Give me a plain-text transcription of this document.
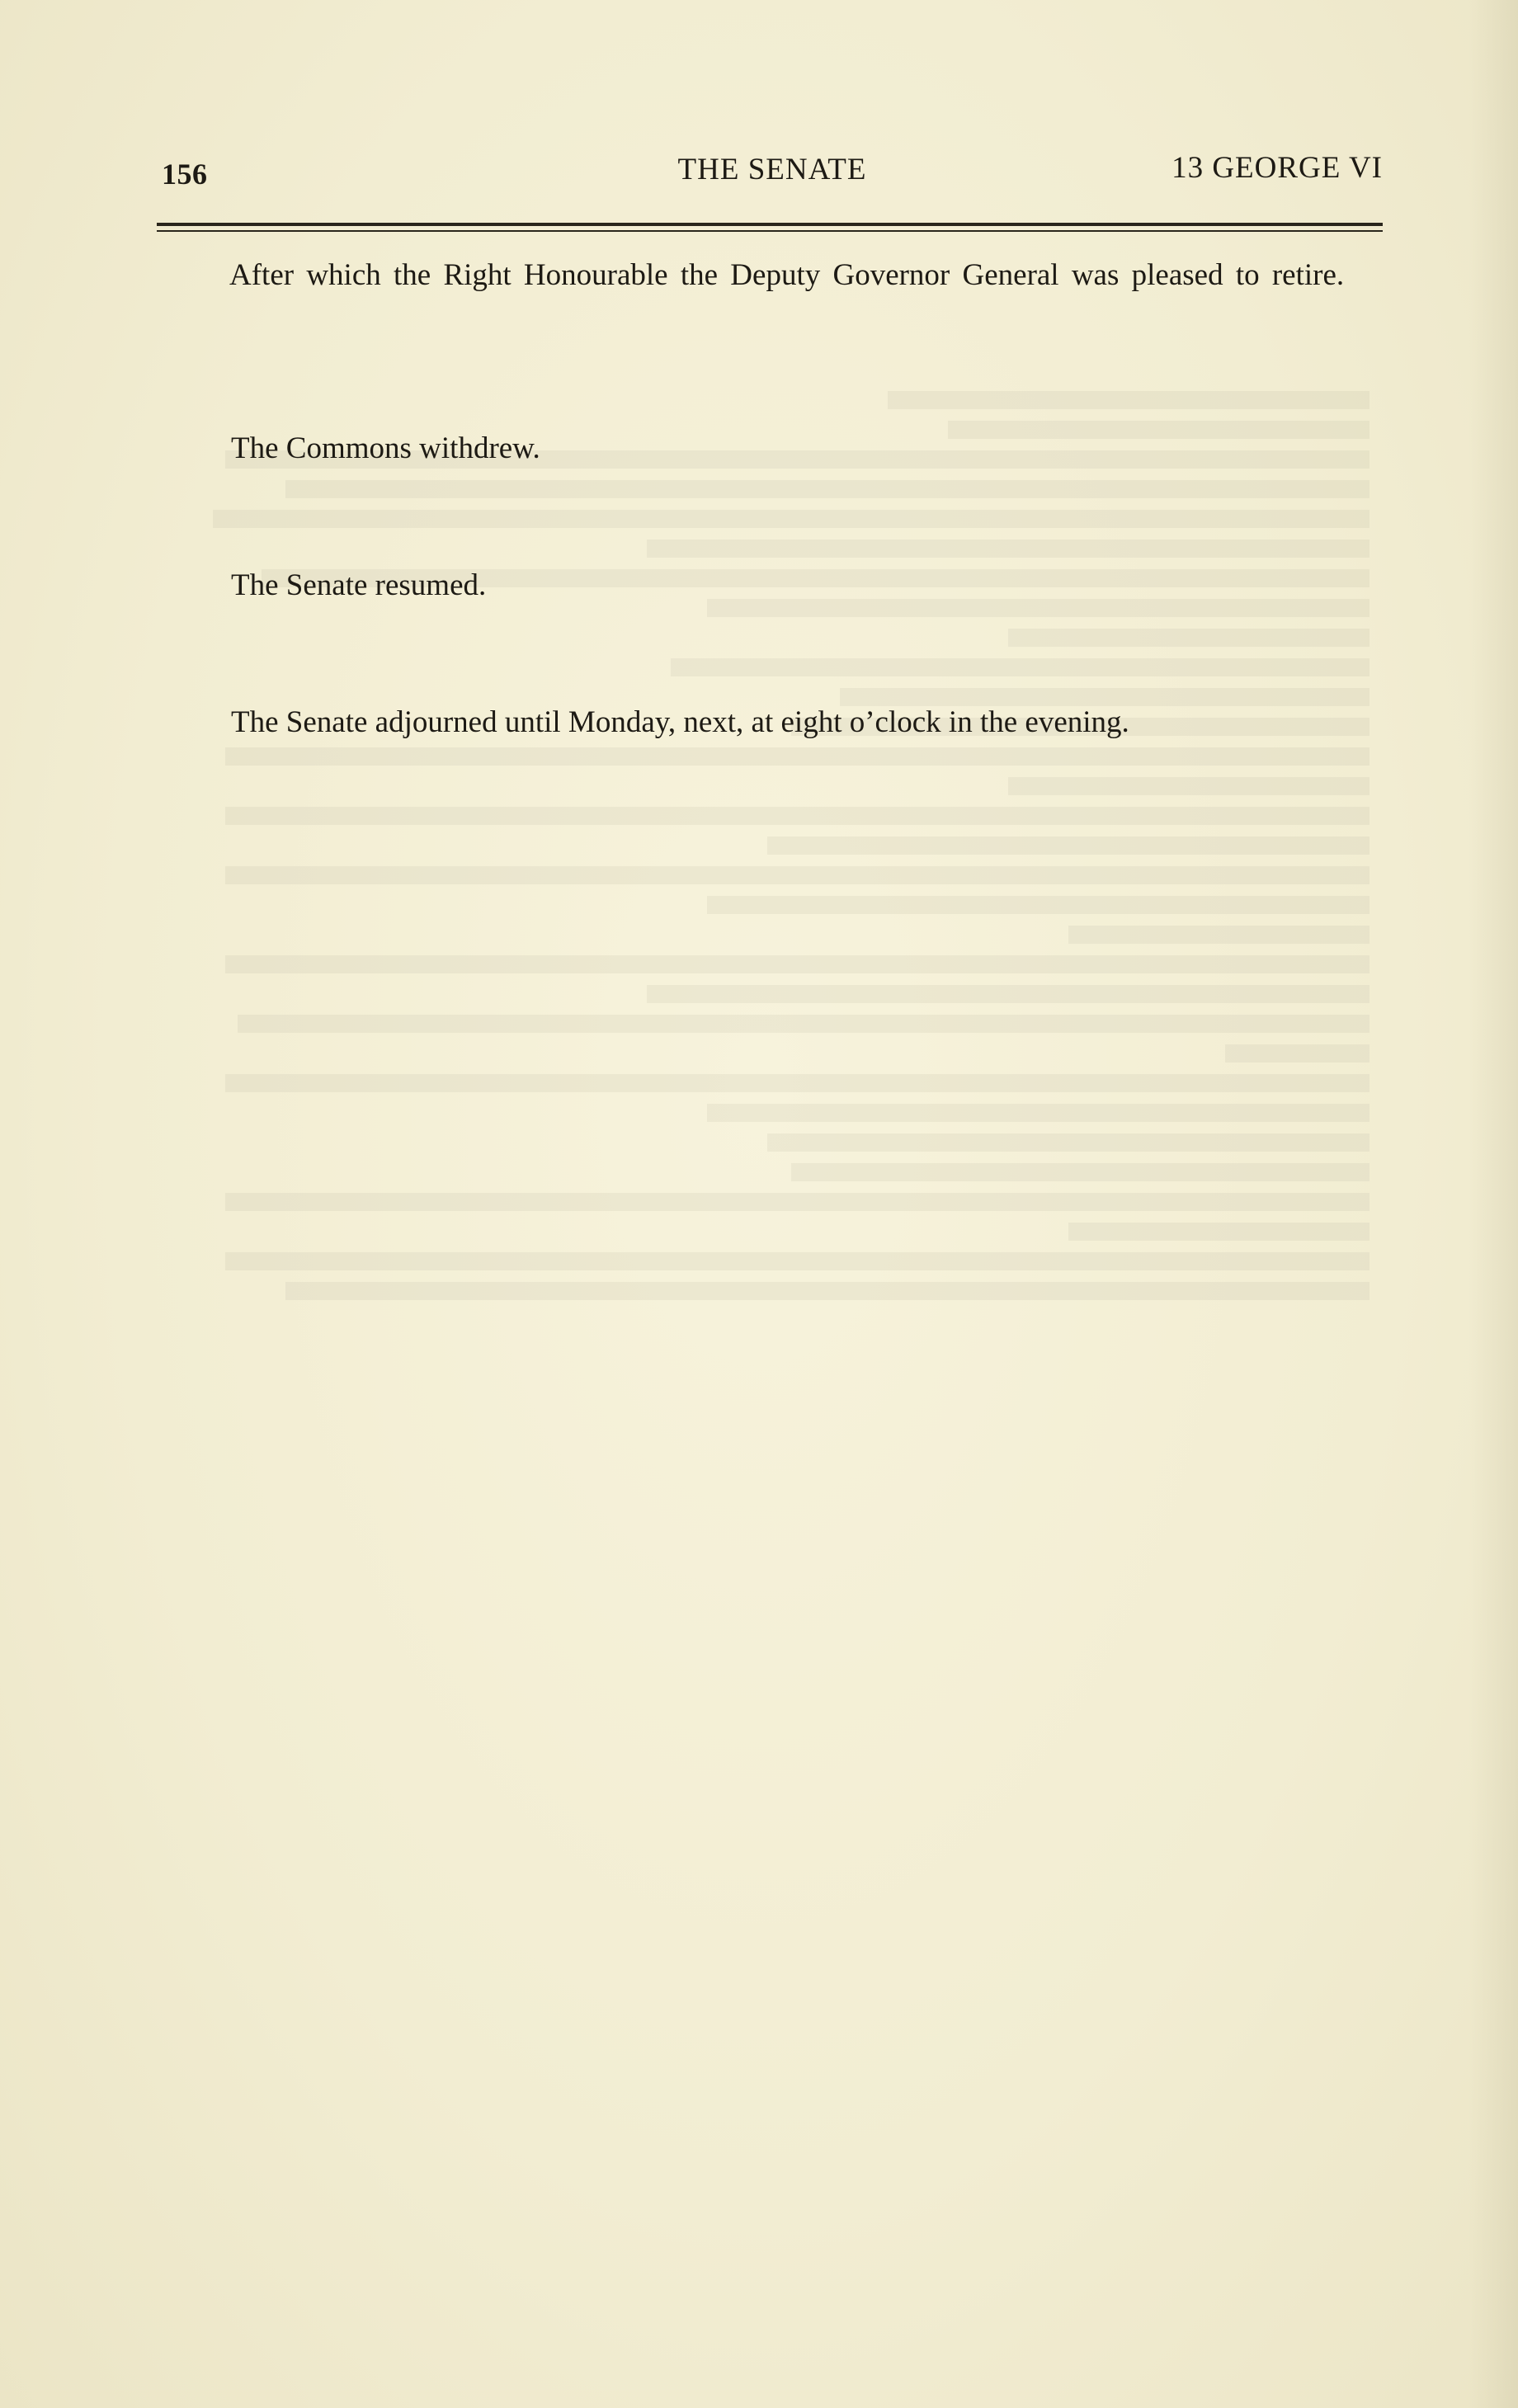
156	THE SENATE	13 GEORGE VI

After which the Right Honourable the Deputy Governor General was pleased to retire.

The Commons withdrew.

The Senate resumed.

The Senate adjourned until Monday, next, at eight o’clock in the evening.
